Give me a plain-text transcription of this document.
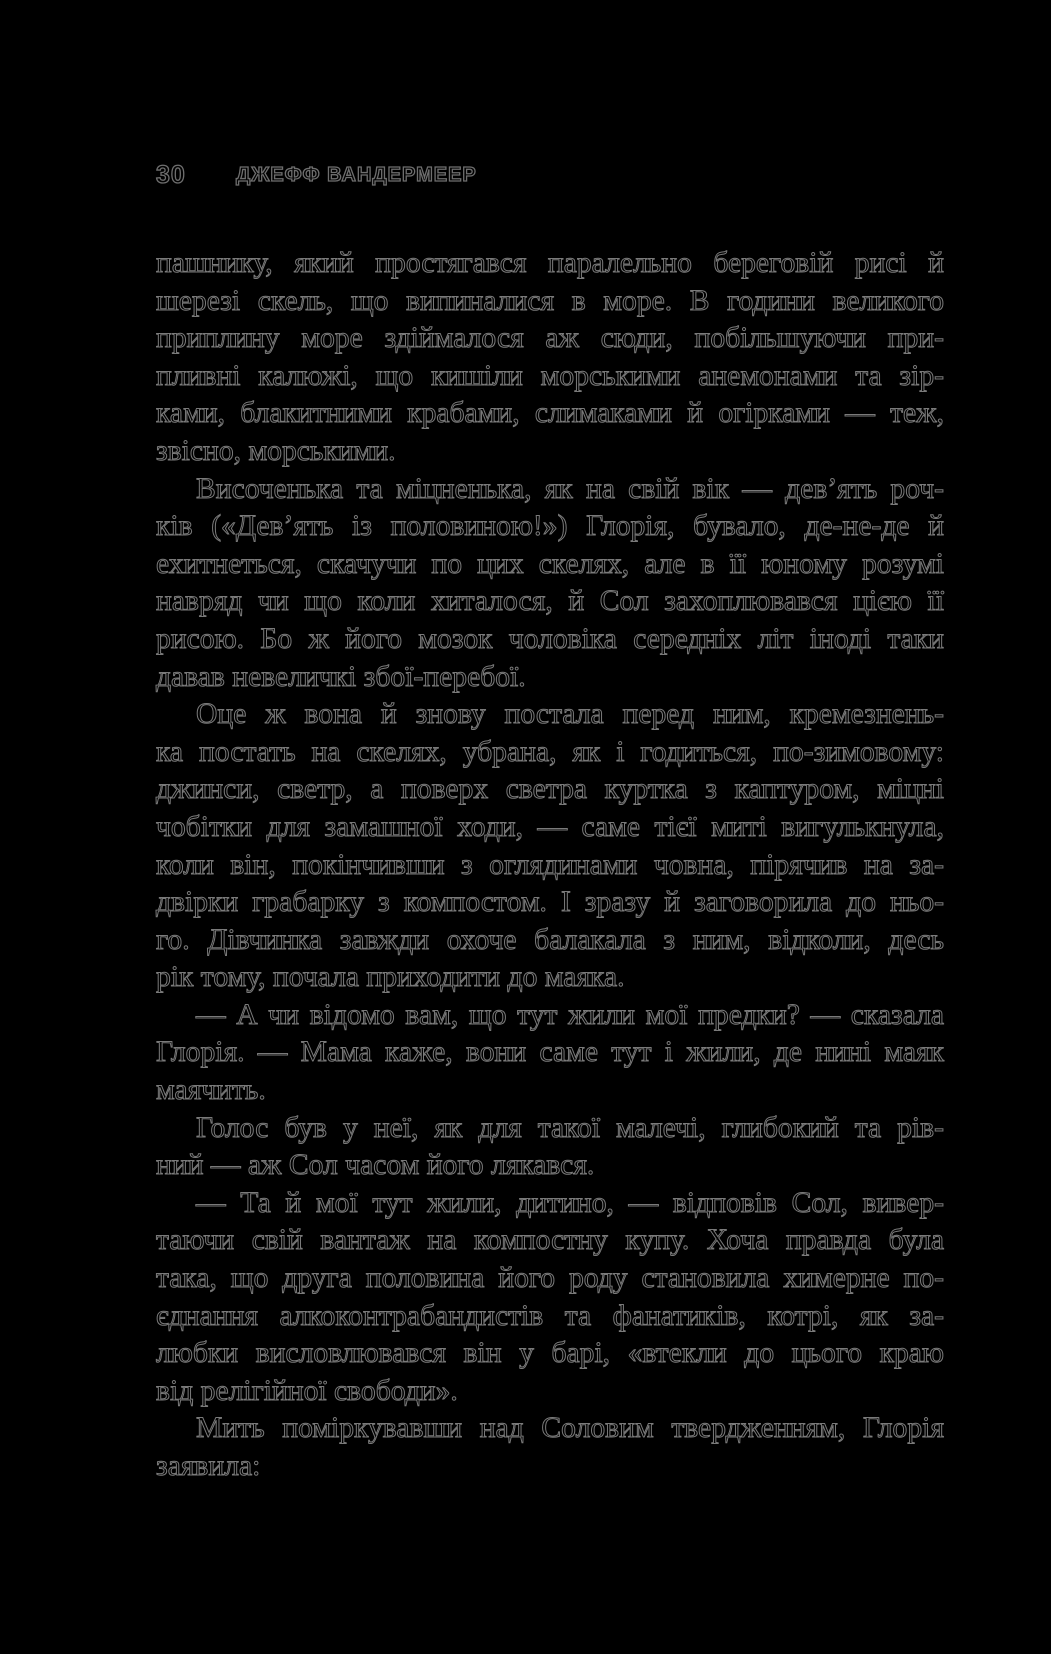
30	ДЖЕФФ ВАНДЕРМЕЕР
пашнику, який простягався паралельно береговій рисі й
шерезі скель, що випиналися в море. В години великого
приплину море здіймалося аж сюди, побільшуючи при-
пливні калюжі, що кишіли морськими анемонами та зір-
ками, блакитними крабами, слимаками й огірками — теж,
звісно, морськими.
Височенька та міцненька, як на свій вік — дев’ять роч-
ків («Дев’ять із половиною!») Глорія, бувало, де-не-де й
ехитнеться, скачучи по цих скелях, але в її юному розумі
навряд чи що коли хиталося, й Сол захоплювався цією її
рисою. Бо ж його мозок чоловіка середніх літ іноді таки
давав невеличкі збої-перебої.
Оце ж вона й знову постала перед ним, кремезнень-
ка постать на скелях, убрана, як і годиться, по-зимовому:
джинси, светр, а поверх светра куртка з каптуром, міцні
чобітки для замашної ходи, — саме тієї миті вигулькнула,
коли він, покінчивши з оглядинами човна, пірячив на за-
двірки грабарку з компостом. І зразу й заговорила до ньо-
го. Дівчинка завжди охоче балакала з ним, відколи, десь
рік тому, почала приходити до маяка.
— А чи відомо вам, що тут жили мої предки? — сказала
Глорія. — Мама каже, вони саме тут і жили, де нині маяк
маячить.
Голос був у неї, як для такої малечі, глибокий та рів-
ний — аж Сол часом його лякався.
— Та й мої тут жили, дитино, — відповів Сол, вивер-
таючи свій вантаж на компостну купу. Хоча правда була
така, що друга половина його роду становила химерне по-
єднання алкоконтрабандистів та фанатиків, котрі, як за-
любки висловлювався він у барі, «втекли до цього краю
від релігійної свободи».
Мить поміркувавши над Соловим твердженням, Глорія
заявила:
